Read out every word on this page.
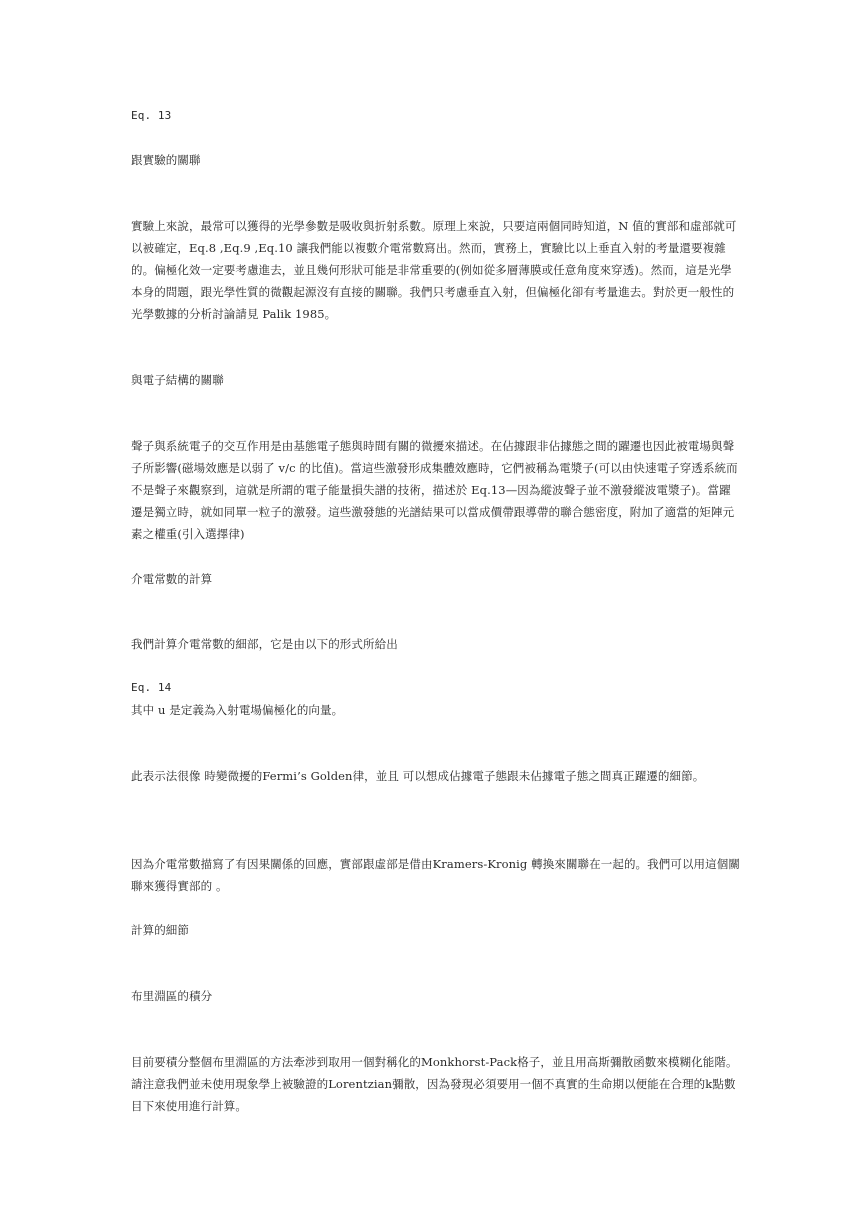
Eq. 13

跟實驗的關聯

實驗上來說，最常可以獲得的光學參數是吸收與折射系數。原理上來說，只要這兩個同時知道，N 值的實部和虛部就可以被確定，Eq.8 ,Eq.9 ,Eq.10 讓我們能以複數介電常數寫出。然而，實務上，實驗比以上垂直入射的考量還要複雜的。偏極化效一定要考慮進去，並且幾何形狀可能是非常重要的(例如從多層薄膜或任意角度來穿透)。然而，這是光學本身的問題，跟光學性質的微觀起源沒有直接的關聯。我們只考慮垂直入射，但偏極化卻有考量進去。對於更一般性的光學數據的分析討論請見 Palik 1985。

與電子結構的關聯

聲子與系統電子的交互作用是由基態電子態與時間有關的微擾來描述。在佔據跟非佔據態之間的躍遷也因此被電場與聲子所影響(磁場效應是以弱了 v/c 的比值)。當這些激發形成集體效應時，它們被稱為電漿子(可以由快速電子穿透系統而不是聲子來觀察到，這就是所謂的電子能量損失譜的技術，描述於 Eq.13—因為縱波聲子並不激發縱波電漿子)。當躍遷是獨立時，就如同單一粒子的激發。這些激發態的光譜結果可以當成價帶跟導帶的聯合態密度，附加了適當的矩陣元素之權重(引入選擇律)

介電常數的計算

我們計算介電常數的細部，它是由以下的形式所給出

Eq. 14

其中 u 是定義為入射電場偏極化的向量。

此表示法很像 時變微擾的Fermi’s Golden律，並且 可以想成佔據電子態跟未佔據電子態之間真正躍遷的細節。

因為介電常數描寫了有因果關係的回應，實部跟虛部是借由Kramers-Kronig 轉換來關聯在一起的。我們可以用這個關聯來獲得實部的 。

計算的細節

布里淵區的積分

目前要積分整個布里淵區的方法牽涉到取用一個對稱化的Monkhorst-Pack格子，並且用高斯彌散函數來模糊化能階。請注意我們並未使用現象學上被驗證的Lorentzian彌散，因為發現必須要用一個不真實的生命期以便能在合理的k點數目下來使用進行計算。
